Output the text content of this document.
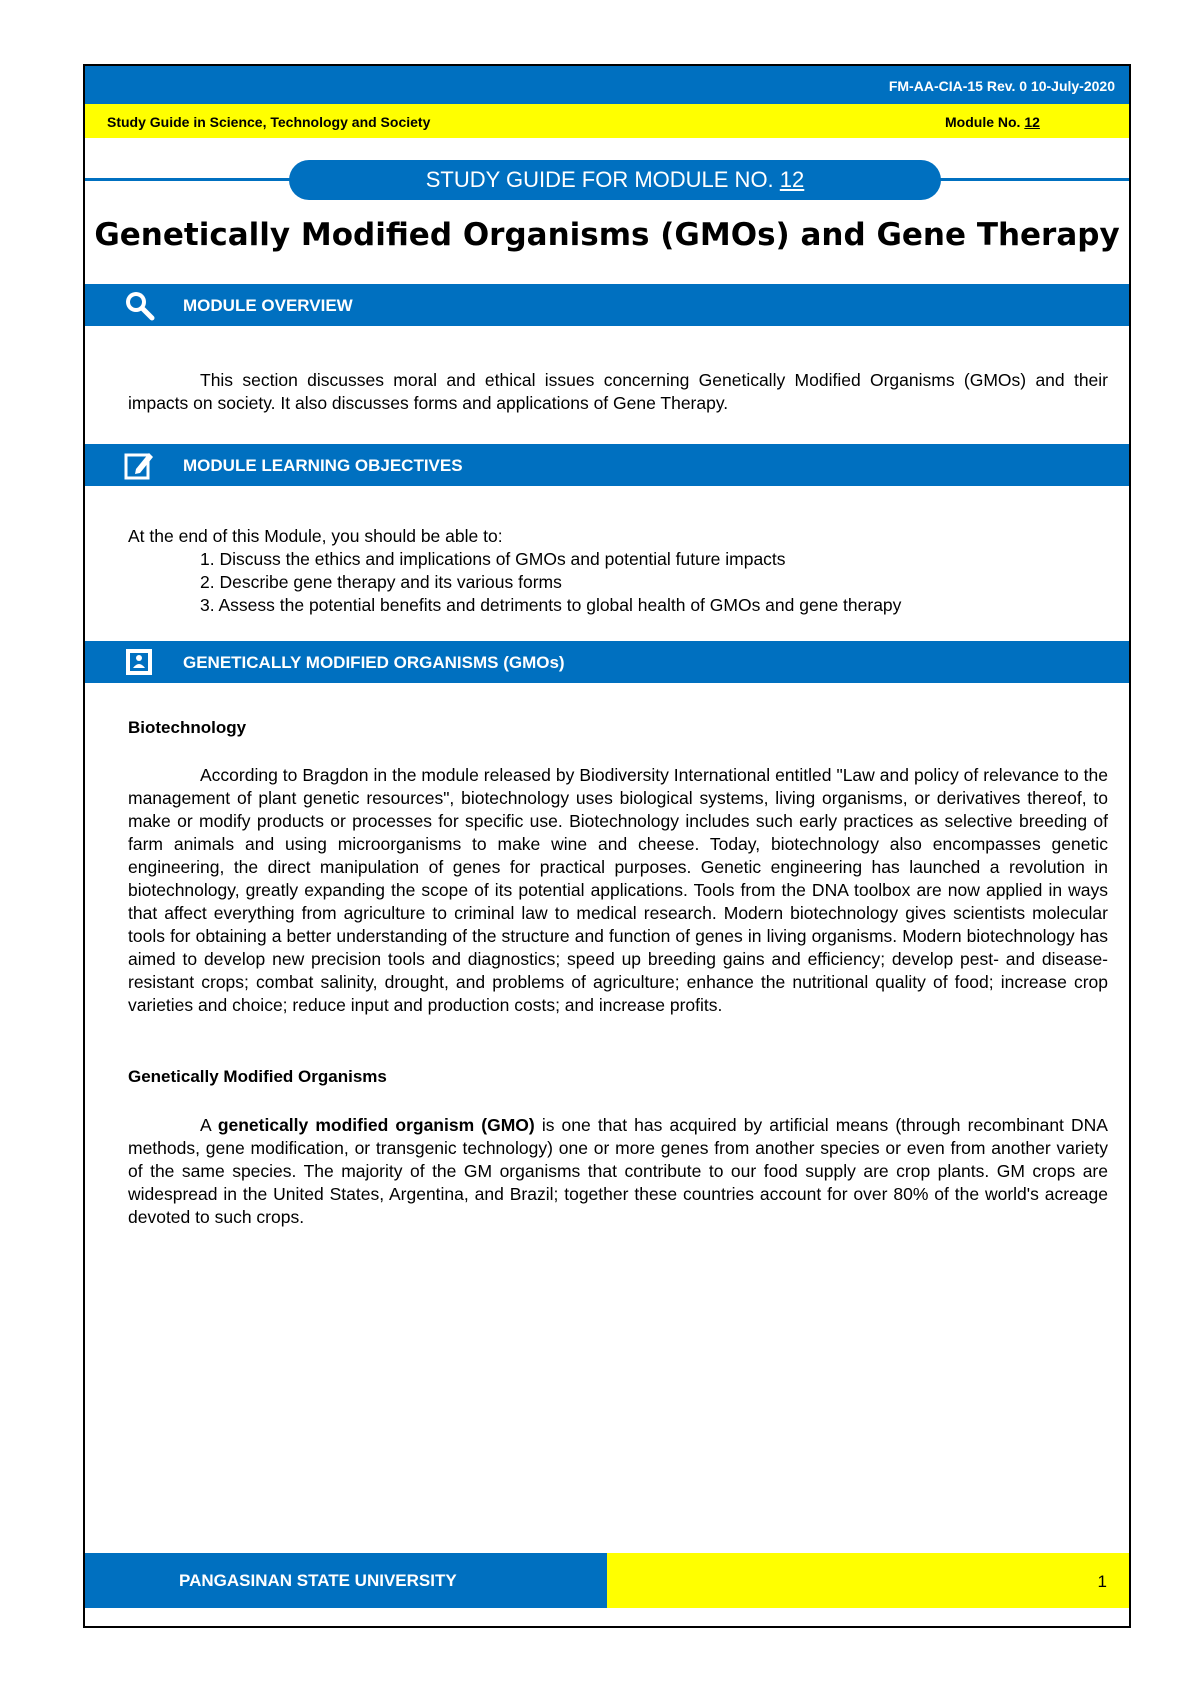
FM-AA-CIA-15 Rev. 0 10-July-2020
Study Guide in Science, Technology and Society	Module No. 12
STUDY GUIDE FOR MODULE NO. 12
Genetically Modified Organisms (GMOs) and Gene Therapy
MODULE OVERVIEW
This section discusses moral and ethical issues concerning Genetically Modified Organisms (GMOs) and their impacts on society. It also discusses forms and applications of Gene Therapy.
MODULE LEARNING OBJECTIVES
At the end of this Module, you should be able to:
1. Discuss the ethics and implications of GMOs and potential future impacts
2. Describe gene therapy and its various forms
3. Assess the potential benefits and detriments to global health of GMOs and gene therapy
GENETICALLY MODIFIED ORGANISMS (GMOs)
Biotechnology
According to Bragdon in the module released by Biodiversity International entitled "Law and policy of relevance to the management of plant genetic resources", biotechnology uses biological systems, living organisms, or derivatives thereof, to make or modify products or processes for specific use. Biotechnology includes such early practices as selective breeding of farm animals and using microorganisms to make wine and cheese. Today, biotechnology also encompasses genetic engineering, the direct manipulation of genes for practical purposes. Genetic engineering has launched a revolution in biotechnology, greatly expanding the scope of its potential applications. Tools from the DNA toolbox are now applied in ways that affect everything from agriculture to criminal law to medical research. Modern biotechnology gives scientists molecular tools for obtaining a better understanding of the structure and function of genes in living organisms. Modern biotechnology has aimed to develop new precision tools and diagnostics; speed up breeding gains and efficiency; develop pest- and disease-resistant crops; combat salinity, drought, and problems of agriculture; enhance the nutritional quality of food; increase crop varieties and choice; reduce input and production costs; and increase profits.
Genetically Modified Organisms
A genetically modified organism (GMO) is one that has acquired by artificial means (through recombinant DNA methods, gene modification, or transgenic technology) one or more genes from another species or even from another variety of the same species. The majority of the GM organisms that contribute to our food supply are crop plants. GM crops are widespread in the United States, Argentina, and Brazil; together these countries account for over 80% of the world's acreage devoted to such crops.
PANGASINAN STATE UNIVERSITY	1
